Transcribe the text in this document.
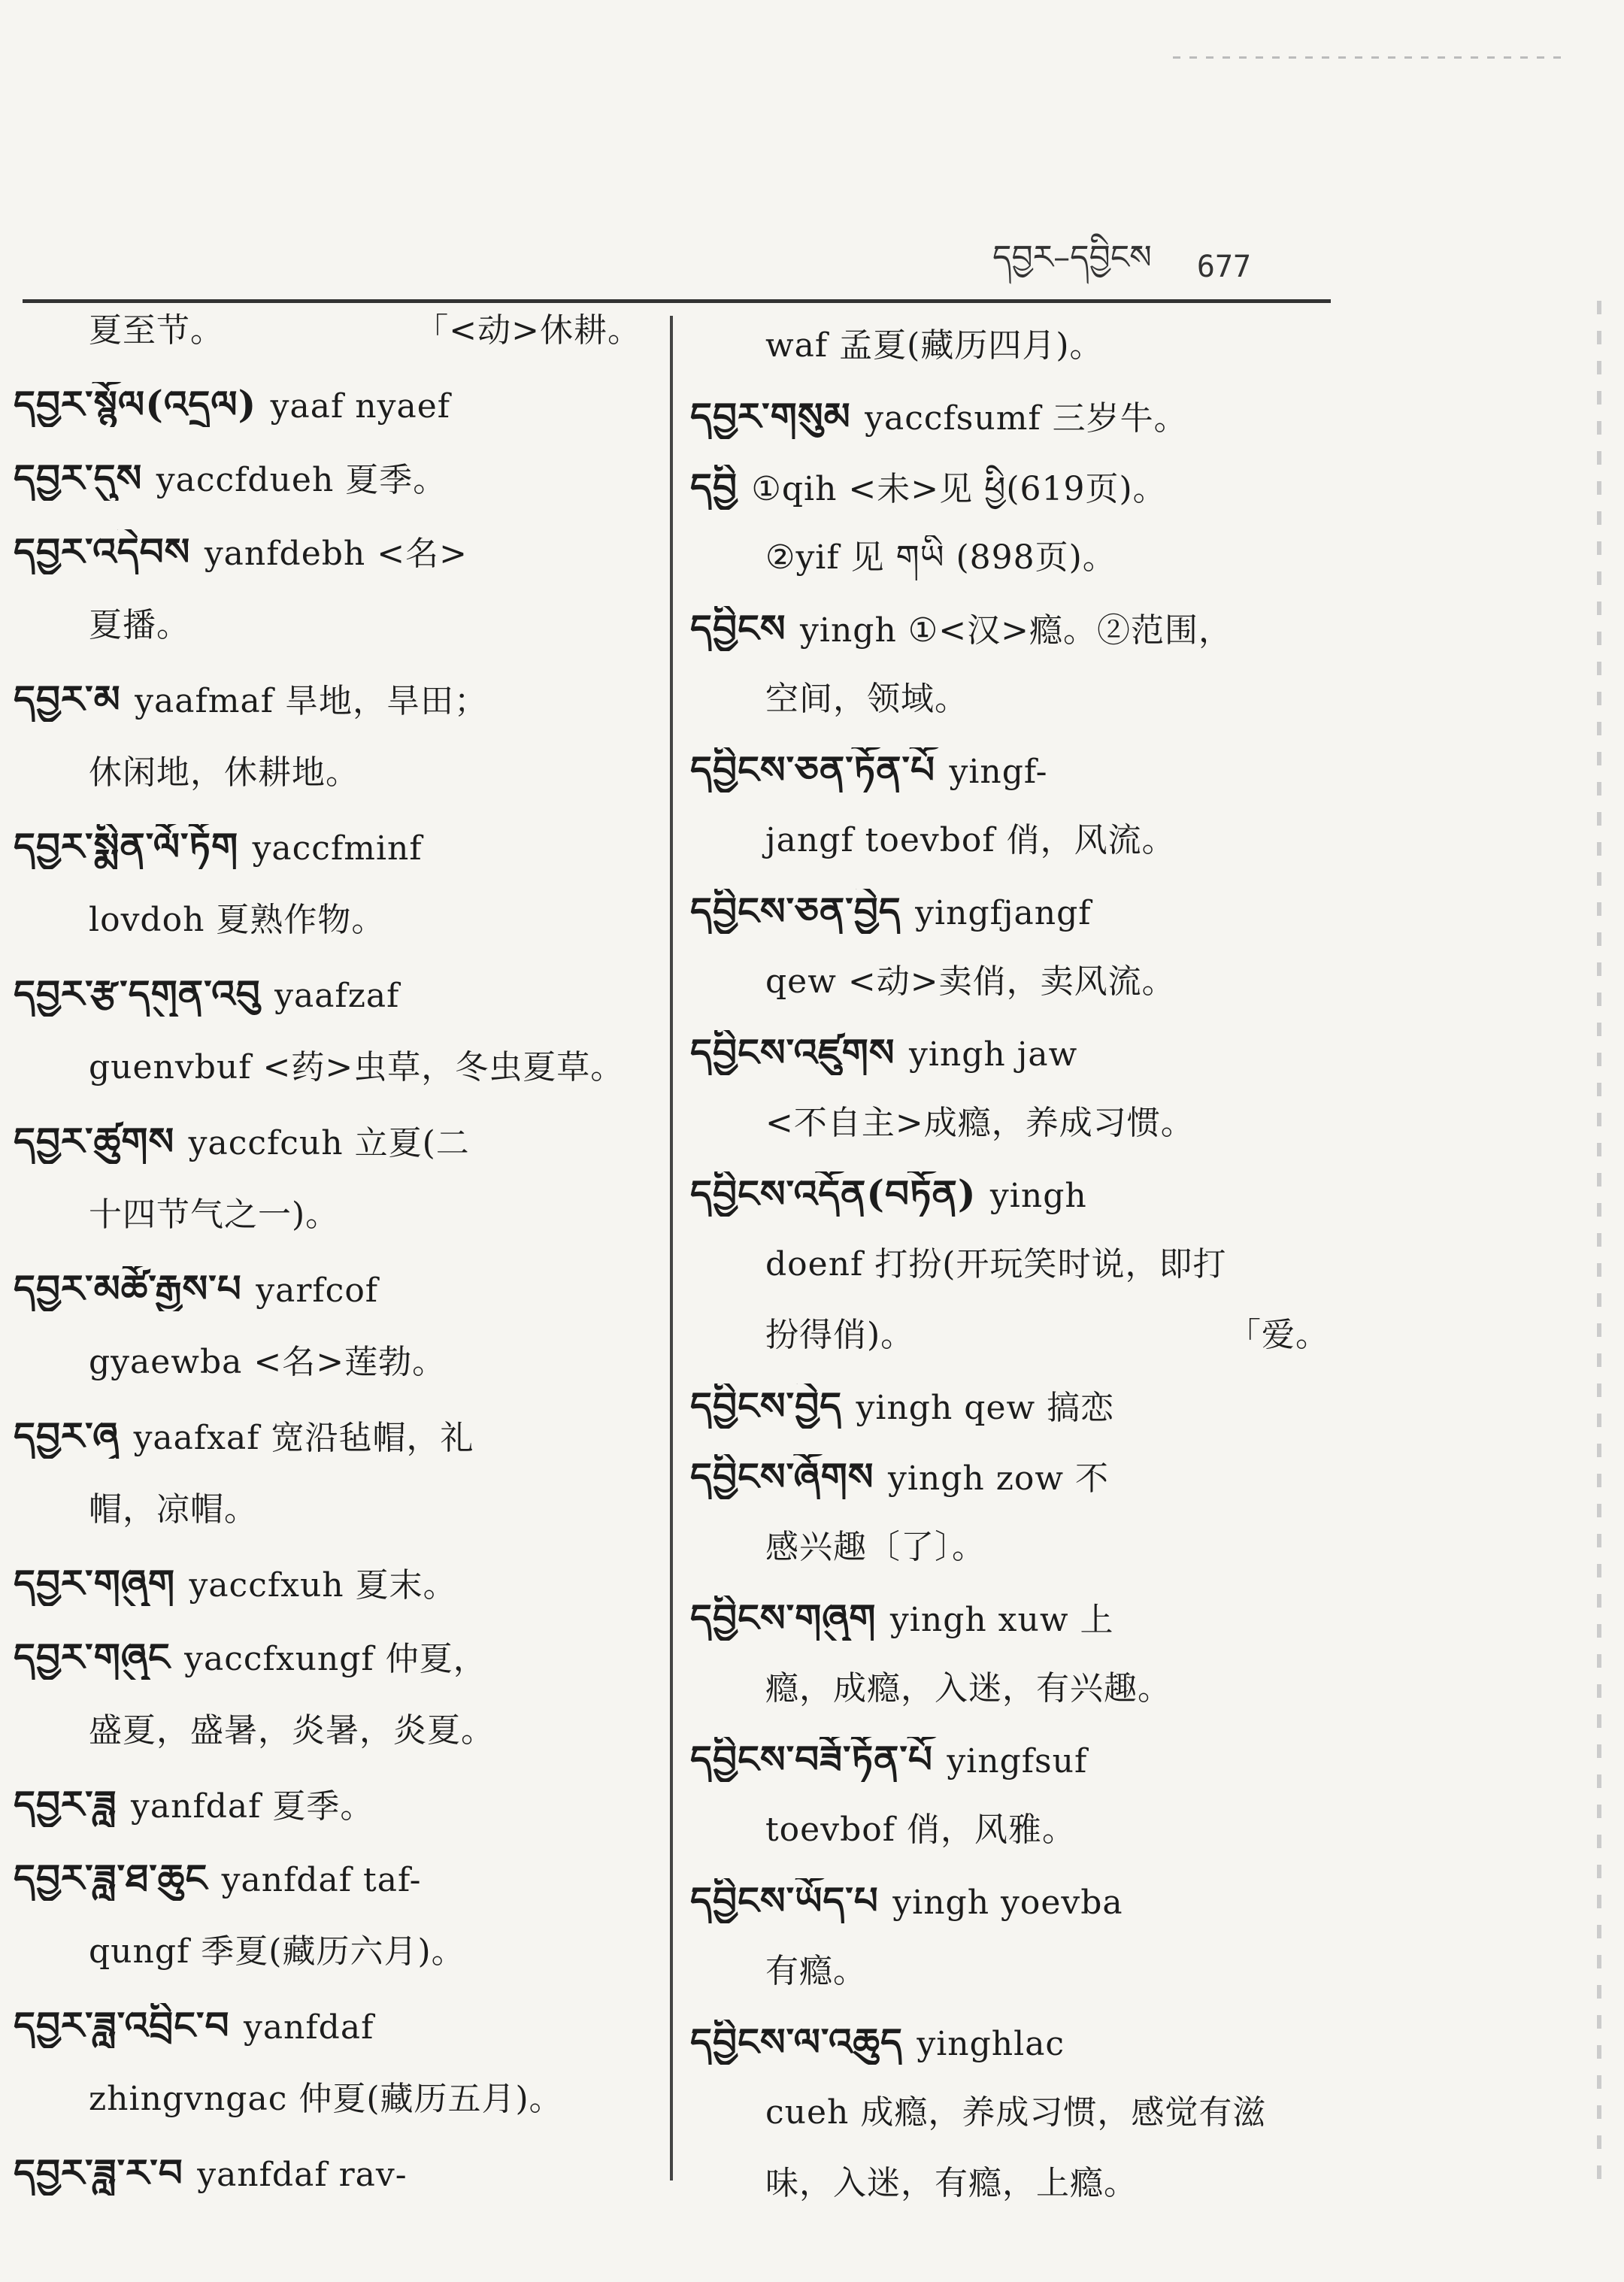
དབྱར–དབྱིངས 677
夏至节。	「<动>休耕。
དབྱར་སྙོལ(འདྲལ) yaaf nyaef
དབྱར་དུས yaccfdueh 夏季。
དབྱར་འདེབས yanfdebh <名>
夏播。
དབྱར་མ yaafmaf 旱地，旱田；
休闲地，休耕地。
དབྱར་སྨིན་ལོ་ཏོག yaccfminf
lovdoh 夏熟作物。
དབྱར་རྩ་དགུན་འབུ yaafzaf
guenvbuf <药>虫草，冬虫夏草。
དབྱར་ཚུགས yaccfcuh 立夏(二
十四节气之一)。
དབྱར་མཚོ་རྒྱས་པ yarfcof
gyaewba <名>莲勃。
དབྱར་ཞྭ yaafxaf 宽沿毡帽，礼
帽，凉帽。
དབྱར་གཞུག yaccfxuh 夏末。
དབྱར་གཞུང yaccfxungf 仲夏，
盛夏，盛暑，炎暑，炎夏。
དབྱར་ཟླ yanfdaf 夏季。
དབྱར་ཟླ་ཐ་ཆུང yanfdaf taf-
qungf 季夏(藏历六月)。
དབྱར་ཟླ་འབྲིང་བ yanfdaf
zhingvngac 仲夏(藏历五月)。
དབྱར་ཟླ་ར་བ yanfdaf rav-
waf 孟夏(藏历四月)。
དབྱར་གསུམ yaccfsumf 三岁牛。
དབྱི ①qih <未>见 ཕྱི(619页)。
②yif 见 གཡི (898页)。
དབྱིངས yingh ①<汉>瘾。②范围，
空间，领域。
དབྱིངས་ཅན་ཏོན་པོ yingf-
jangf toevbof 俏，风流。
དབྱིངས་ཅན་བྱེད yingfjangf
qew <动>卖俏，卖风流。
དབྱིངས་འཛུགས yingh jaw
<不自主>成瘾，养成习惯。
དབྱིངས་འདོན(བཏོན) yingh
doenf 打扮(开玩笑时说，即打
扮得俏)。	「爱。
དབྱིངས་བྱེད yingh qew 搞恋
དབྱིངས་ཞོགས yingh zow 不
感兴趣〔了〕。
དབྱིངས་གཞུག yingh xuw 上
瘾，成瘾，入迷，有兴趣。
དབྱིངས་བཟོ་ཏོན་པོ yingfsuf
toevbof 俏，风雅。
དབྱིངས་ཡོད་པ yingh yoevba
有瘾。
དབྱིངས་ལ་འཆུད yinghlac
cueh 成瘾，养成习惯，感觉有滋
味，入迷，有瘾，上瘾。
